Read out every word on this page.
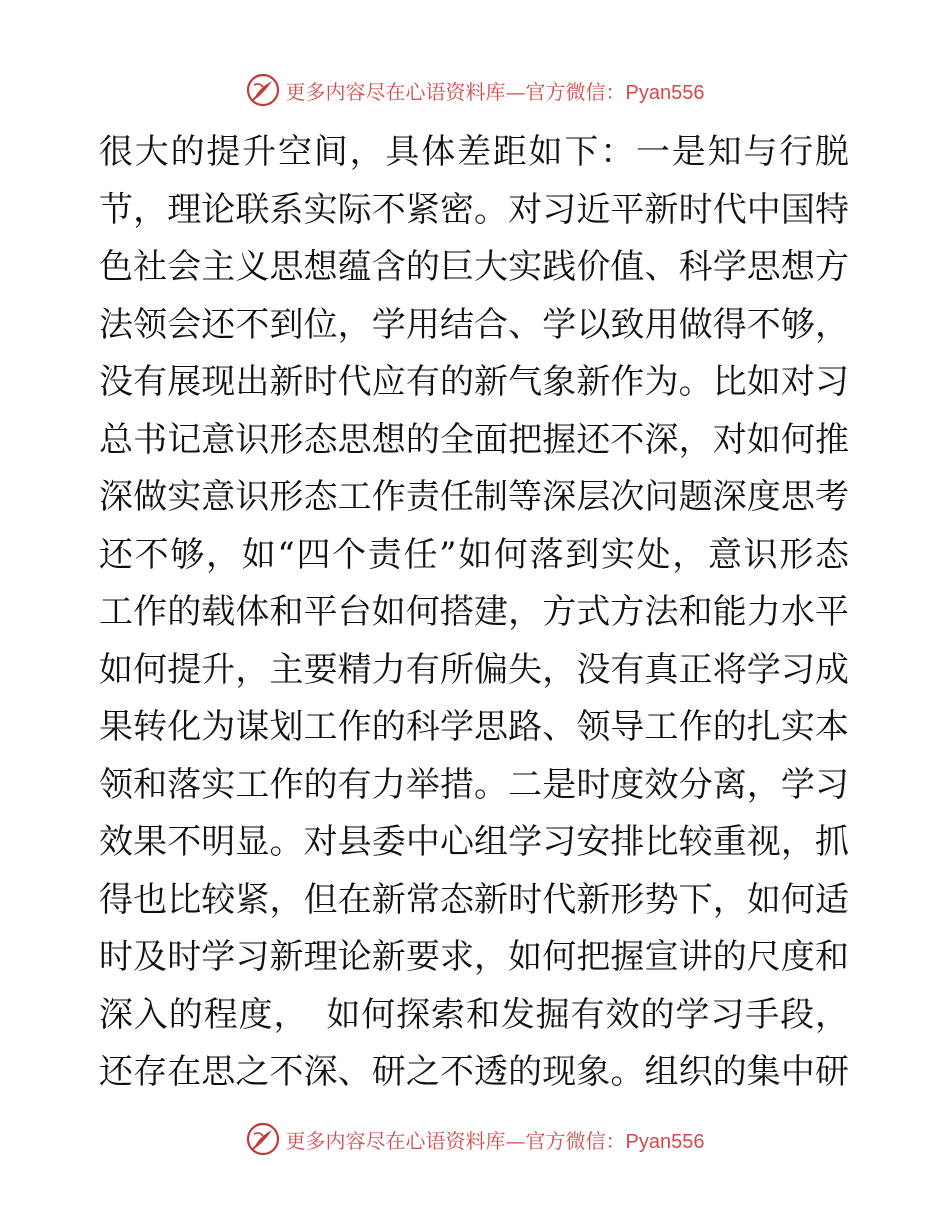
更多内容尽在心语资料库—官方微信：Pyan556
很大的提升空间，具体差距如下：一是知与行脱
节，理论联系实际不紧密。对习近平新时代中国特
色社会主义思想蕴含的巨大实践价值、科学思想方
法领会还不到位，学用结合、学以致用做得不够，
没有展现出新时代应有的新气象新作为。比如对习
总书记意识形态思想的全面把握还不深，对如何推
深做实意识形态工作责任制等深层次问题深度思考
还不够，如“四个责任”如何落到实处，意识形态
工作的载体和平台如何搭建，方式方法和能力水平
如何提升，主要精力有所偏失，没有真正将学习成
果转化为谋划工作的科学思路、领导工作的扎实本
领和落实工作的有力举措。二是时度效分离，学习
效果不明显。对县委中心组学习安排比较重视，抓
得也比较紧，但在新常态新时代新形势下，如何适
时及时学习新理论新要求，如何把握宣讲的尺度和
深入的程度，　如何探索和发掘有效的学习手段，
还存在思之不深、研之不透的现象。组织的集中研
更多内容尽在心语资料库—官方微信：Pyan556
